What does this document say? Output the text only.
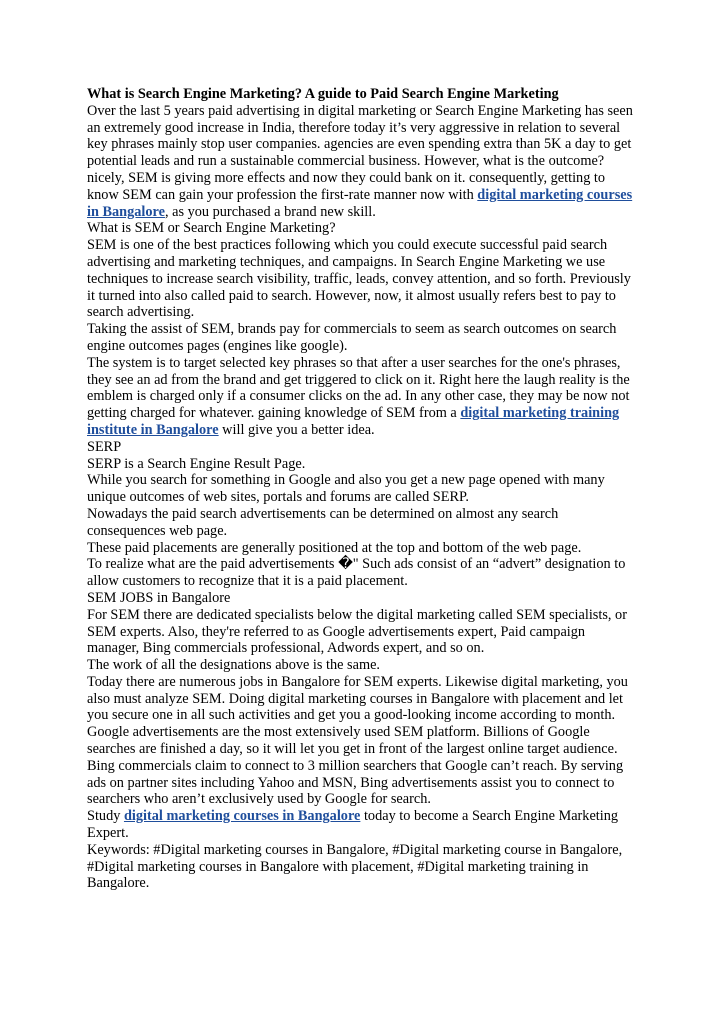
What is Search Engine Marketing? A guide to Paid Search Engine Marketing

Over the last 5 years paid advertising in digital marketing or Search Engine Marketing has seen an extremely good increase in India, therefore today it’s very aggressive in relation to several key phrases mainly stop user companies. agencies are even spending extra than 5K a day to get potential leads and run a sustainable commercial business. However, what is the outcome? nicely, SEM is giving more effects and now they could bank on it. consequently, getting to know SEM can gain your profession the first-rate manner now with digital marketing courses in Bangalore, as you purchased a brand new skill.

What is SEM or Search Engine Marketing?

SEM is one of the best practices following which you could execute successful paid search advertising and marketing techniques, and campaigns. In Search Engine Marketing we use techniques to increase search visibility, traffic, leads, convey attention, and so forth. Previously it turned into also called paid to search. However, now, it almost usually refers best to pay to search advertising.

Taking the assist of SEM, brands pay for commercials to seem as search outcomes on search engine outcomes pages (engines like google).

The system is to target selected key phrases so that after a user searches for the one's phrases, they see an ad from the brand and get triggered to click on it. Right here the laugh reality is the emblem is charged only if a consumer clicks on the ad. In any other case, they may be now not getting charged for whatever. gaining knowledge of SEM from a digital marketing training institute in Bangalore will give you a better idea.

SERP

SERP is a Search Engine Result Page.

While you search for something in Google and also you get a new page opened with many unique outcomes of web sites, portals and forums are called SERP.

Nowadays the paid search advertisements can be determined on almost any search consequences web page.

These paid placements are generally positioned at the top and bottom of the web page.

To realize what are the paid advertisements �" Such ads consist of an “advert” designation to allow customers to recognize that it is a paid placement.

SEM JOBS in Bangalore

For SEM there are dedicated specialists below the digital marketing called SEM specialists, or SEM experts. Also, they're referred to as Google advertisements expert, Paid campaign manager, Bing commercials professional, Adwords expert, and so on.

The work of all the designations above is the same.

Today there are numerous jobs in Bangalore for SEM experts. Likewise digital marketing, you also must analyze SEM. Doing digital marketing courses in Bangalore with placement and let you secure one in all such activities and get you a good-looking income according to month.

Google advertisements are the most extensively used SEM platform. Billions of Google searches are finished a day, so it will let you get in front of the largest online target audience. Bing commercials claim to connect to 3 million searchers that Google can’t reach. By serving ads on partner sites including Yahoo and MSN, Bing advertisements assist you to connect to searchers who aren’t exclusively used by Google for search.

Study digital marketing courses in Bangalore today to become a Search Engine Marketing Expert.

Keywords: #Digital marketing courses in Bangalore, #Digital marketing course in Bangalore, #Digital marketing courses in Bangalore with placement, #Digital marketing training in Bangalore.
